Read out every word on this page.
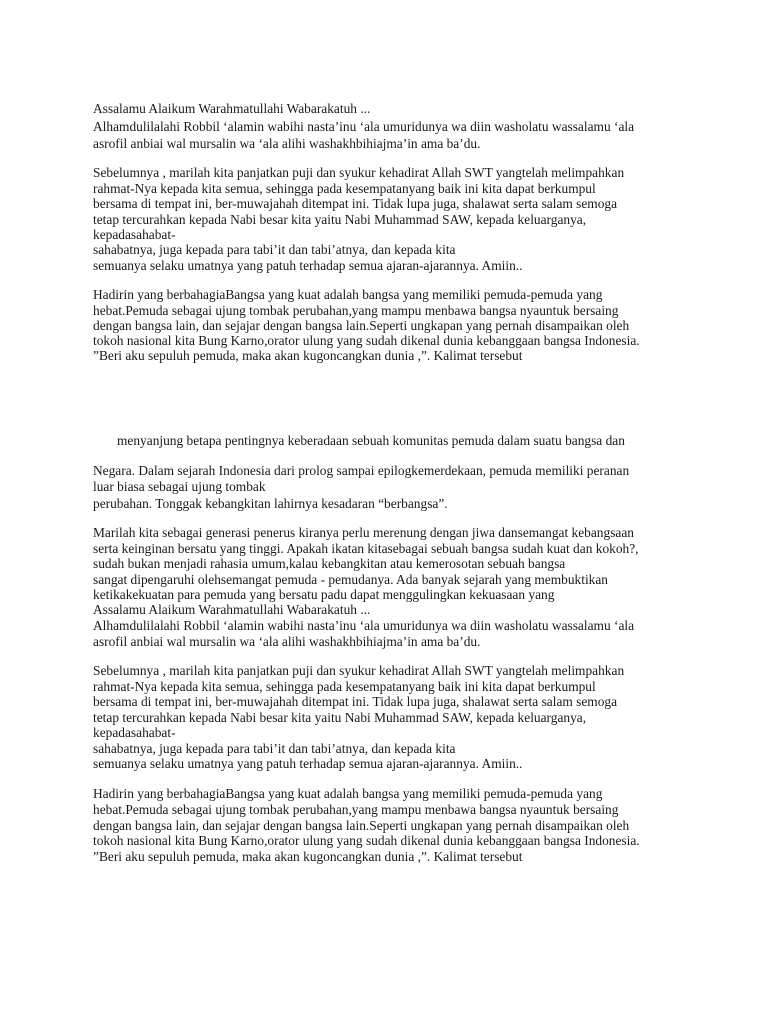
Assalamu Alaikum Warahmatullahi Wabarakatuh ...

Alhamdulilalahi Robbil ‘alamin wabihi nasta’inu ‘ala umuridunya wa diin washolatu wassalamu ‘ala

asrofil anbiai wal mursalin wa ‘ala alihi washakhbihiajma’in ama ba’du.

Sebelumnya , marilah kita panjatkan puji dan syukur kehadirat Allah SWT yangtelah melimpahkan

rahmat-Nya kepada kita semua, sehingga pada kesempatanyang baik ini kita dapat berkumpul

bersama di tempat ini, ber-muwajahah ditempat ini. Tidak lupa juga, shalawat serta salam semoga

tetap tercurahkan kepada Nabi besar kita yaitu Nabi Muhammad SAW, kepada keluarganya,

kepadasahabat-

sahabatnya, juga kepada para tabi’it dan tabi’atnya, dan kepada kita

semuanya selaku umatnya yang patuh terhadap semua ajaran-ajarannya. Amiin..

Hadirin yang berbahagiaBangsa yang kuat adalah bangsa yang memiliki pemuda-pemuda yang

hebat.Pemuda sebagai ujung tombak perubahan,yang mampu menbawa bangsa nyauntuk bersaing

dengan bangsa lain, dan sejajar dengan bangsa lain.Seperti ungkapan yang pernah disampaikan oleh

tokoh nasional kita Bung Karno,orator ulung yang sudah dikenal dunia kebanggaan bangsa Indonesia.

”Beri aku sepuluh pemuda, maka akan kugoncangkan dunia ,”. Kalimat tersebut

menyanjung betapa pentingnya keberadaan sebuah komunitas pemuda dalam suatu bangsa dan

Negara. Dalam sejarah Indonesia dari prolog sampai epilogkemerdekaan, pemuda memiliki peranan

luar biasa sebagai ujung tombak

perubahan. Tonggak kebangkitan lahirnya kesadaran “berbangsa”.

Marilah kita sebagai generasi penerus kiranya perlu merenung dengan jiwa dansemangat kebangsaan

serta keinginan bersatu yang tinggi. Apakah ikatan kitasebagai sebuah bangsa sudah kuat dan kokoh?,

sudah bukan menjadi rahasia umum,kalau kebangkitan atau kemerosotan sebuah bangsa

sangat dipengaruhi olehsemangat pemuda - pemudanya. Ada banyak sejarah yang membuktikan

ketikakekuatan para pemuda yang bersatu padu dapat menggulingkan kekuasaan yang

Assalamu Alaikum Warahmatullahi Wabarakatuh ...

Alhamdulilalahi Robbil ‘alamin wabihi nasta’inu ‘ala umuridunya wa diin washolatu wassalamu ‘ala

asrofil anbiai wal mursalin wa ‘ala alihi washakhbihiajma’in ama ba’du.

Sebelumnya , marilah kita panjatkan puji dan syukur kehadirat Allah SWT yangtelah melimpahkan

rahmat-Nya kepada kita semua, sehingga pada kesempatanyang baik ini kita dapat berkumpul

bersama di tempat ini, ber-muwajahah ditempat ini. Tidak lupa juga, shalawat serta salam semoga

tetap tercurahkan kepada Nabi besar kita yaitu Nabi Muhammad SAW, kepada keluarganya,

kepadasahabat-

sahabatnya, juga kepada para tabi’it dan tabi’atnya, dan kepada kita

semuanya selaku umatnya yang patuh terhadap semua ajaran-ajarannya. Amiin..

Hadirin yang berbahagiaBangsa yang kuat adalah bangsa yang memiliki pemuda-pemuda yang

hebat.Pemuda sebagai ujung tombak perubahan,yang mampu menbawa bangsa nyauntuk bersaing

dengan bangsa lain, dan sejajar dengan bangsa lain.Seperti ungkapan yang pernah disampaikan oleh

tokoh nasional kita Bung Karno,orator ulung yang sudah dikenal dunia kebanggaan bangsa Indonesia.

”Beri aku sepuluh pemuda, maka akan kugoncangkan dunia ,”. Kalimat tersebut
